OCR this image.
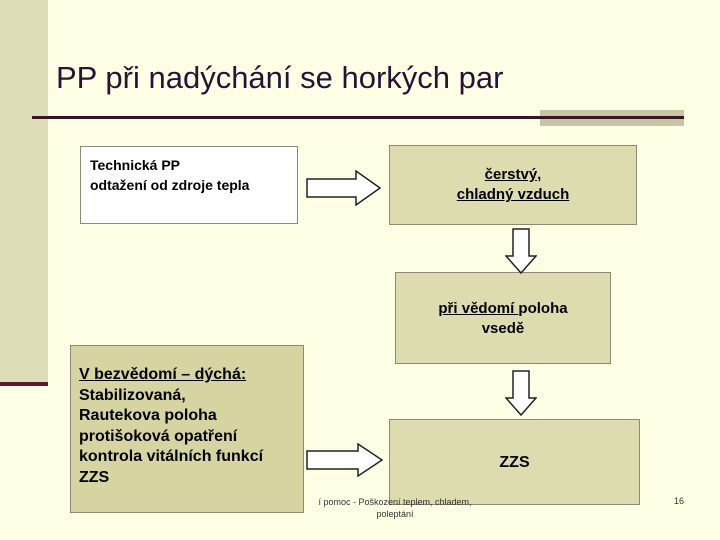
PP při nadýchání se horkých par
Technická PP
odtažení od zdroje tepla
čerstvý,
chladný vzduch
při vědomí poloha
vsedě
V bezvědomí – dýchá:
Stabilizovaná,
Rautekova poloha
protišoková opatření
kontrola vitálních funkcí
ZZS
ZZS
í pomoc - Poškození teplem, chladem,
poleptání
16
